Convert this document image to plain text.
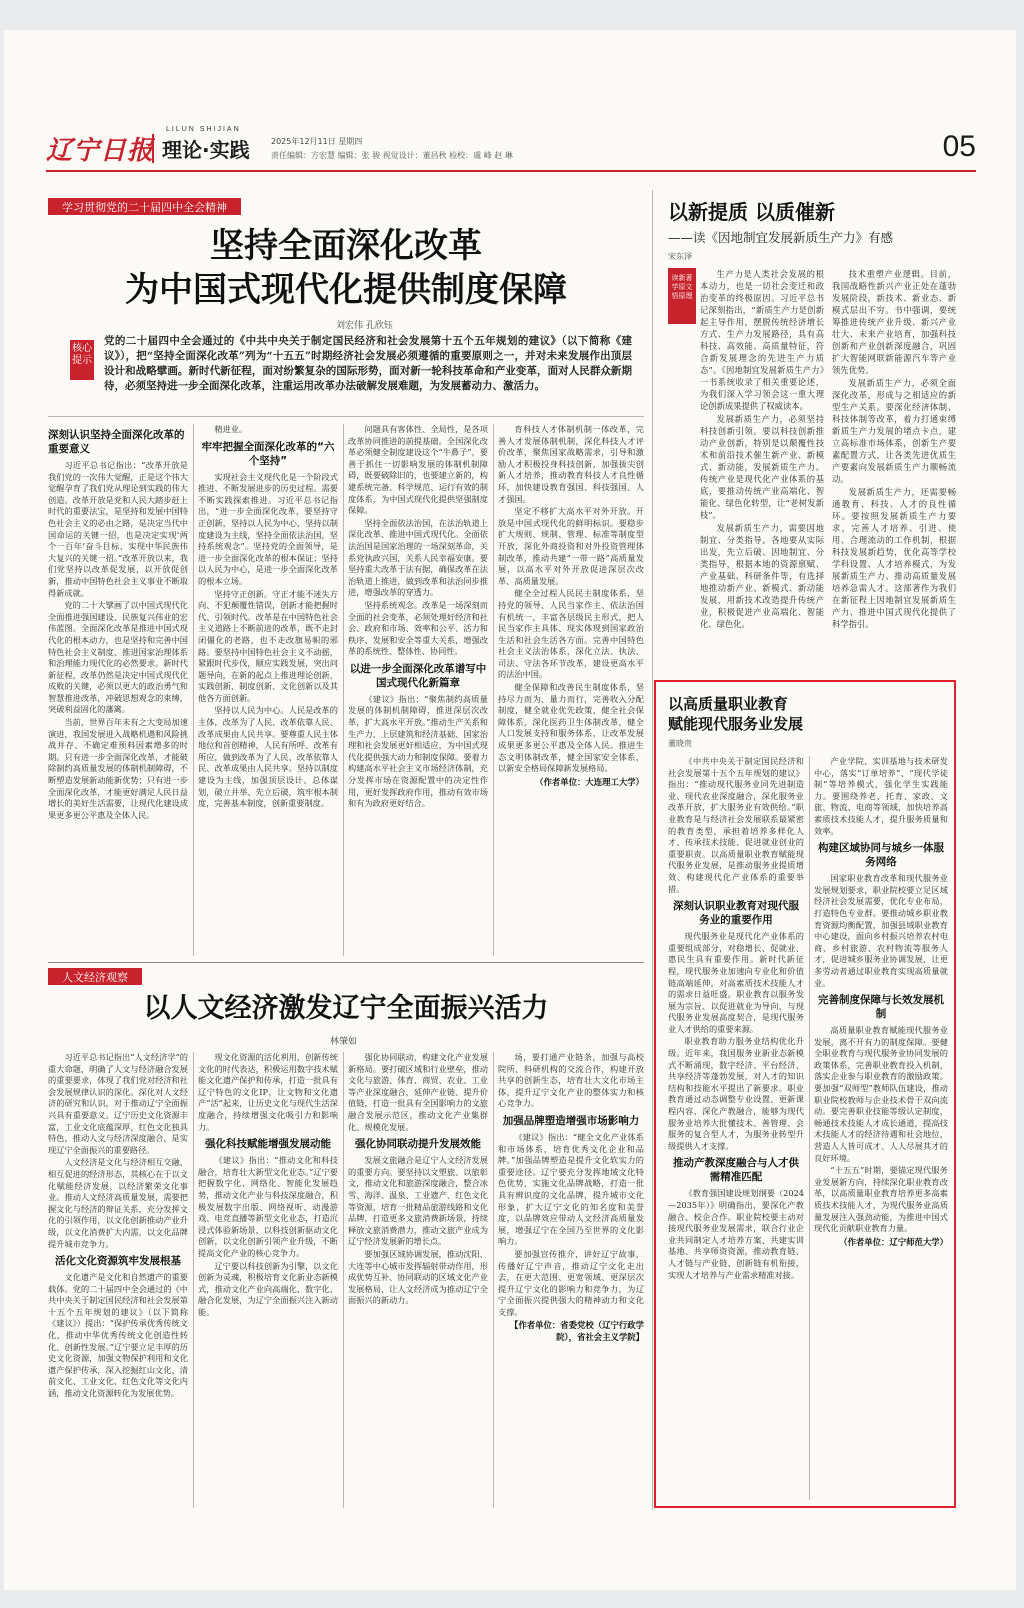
辽宁日报
LILUN SHIJIAN
理论·实践	2025年12月11日 星期四
责任编辑：方宏慧 编辑：张 骏 视觉设计：董昌秋 检校：虞 峰 赵 琳	05
学习贯彻党的二十届四中全会精神
坚持全面深化改革
为中国式现代化提供制度保障
刘宏伟 孔欣钰
核心提示
党的二十届四中全会通过的《中共中央关于制定国民经济和社会发展第十五个五年规划的建议》（以下简称《建议》），把“坚持全面深化改革”列为“十五五”时期经济社会发展必须遵循的重要原则之一，并对未来发展作出顶层设计和战略擘画。新时代新征程，面对纷繁复杂的国际形势，面对新一轮科技革命和产业变革，面对人民群众新期待，必须坚持进一步全面深化改革，注重运用改革办法破解发展难题，为发展蓄动力、激活力。
深刻认识坚持全面深化改革的重要意义

习近平总书记指出：“改革开放是我们党的一次伟大觉醒，正是这个伟大觉醒孕育了我们党从理论到实践的伟大创造。改革开放是党和人民大踏步赶上时代的重要法宝，是坚持和发展中国特色社会主义的必由之路，是决定当代中国命运的关键一招，也是决定实现‘两个一百年’奋斗目标、实现中华民族伟大复兴的关键一招。”改革开放以来，我们党坚持以改革促发展，以开放促创新，推动中国特色社会主义事业不断取得新成就。

党的二十大擘画了以中国式现代化全面推进强国建设、民族复兴伟业的宏伟蓝图。全面深化改革是推进中国式现代化的根本动力，也是坚持和完善中国特色社会主义制度、推进国家治理体系和治理能力现代化的必然要求。新时代新征程，改革仍然是决定中国式现代化成败的关键，必须以更大的政治勇气和智慧推进改革，冲破思想观念的束缚，突破利益固化的藩篱。

当前，世界百年未有之大变局加速演进，我国发展进入战略机遇和风险挑战并存、不确定难预料因素增多的时期。只有进一步全面深化改革，才能破除制约高质量发展的体制机制障碍，不断塑造发展新动能新优势；只有进一步全面深化改革，才能更好满足人民日益增长的美好生活需要，让现代化建设成果更多更公平惠及全体人民。

精进业。

牢牢把握全面深化改革的“六个坚持”

实现社会主义现代化是一个阶段式推进、不断发展进步的历史过程。需要不断实践探索推进。习近平总书记指出，“进一步全面深化改革，要坚持守正创新，坚持以人民为中心，坚持以制度建设为主线，坚持全面依法治国，坚持系统观念”。坚持党的全面领导，是进一步全面深化改革的根本保证；坚持以人民为中心，是进一步全面深化改革的根本立场。

坚持守正创新。守正才能不迷失方向、不犯颠覆性错误，创新才能把握时代、引领时代。改革是在中国特色社会主义道路上不断前进的改革，既不走封闭僵化的老路，也不走改旗易帜的邪路。要坚持中国特色社会主义不动摇，紧跟时代步伐，顺应实践发展，突出问题导向，在新的起点上推进理论创新、实践创新、制度创新、文化创新以及其他各方面创新。

坚持以人民为中心。人民是改革的主体，改革为了人民、改革依靠人民、改革成果由人民共享。要尊重人民主体地位和首创精神，人民有所呼、改革有所应，做到改革为了人民、改革依靠人民、改革成果由人民共享。坚持以制度建设为主线，加强顶层设计、总体谋划，破立并举、先立后破，筑牢根本制度，完善基本制度，创新重要制度。

问题具有客体性、全局性，是各项改革协同推进的前提基础。全国深化改革必须健全制度建设这个“牛鼻子”，要善于抓住一切影响发展的体制机制障碍，既要破除旧的，也要建立新的，构建系统完备、科学规范、运行有效的制度体系，为中国式现代化提供坚强制度保障。

坚持全面依法治国，在法治轨道上深化改革、推进中国式现代化。全面依法治国是国家治理的一场深刻革命，关系党执政兴国，关系人民幸福安康。要坚持重大改革于法有据，确保改革在法治轨道上推进，做到改革和法治同步推进，增强改革的穿透力。

坚持系统观念。改革是一场深刻而全面的社会变革，必须处理好经济和社会、政府和市场、效率和公平、活力和秩序、发展和安全等重大关系，增强改革的系统性、整体性、协同性。

以进一步全面深化改革谱写中国式现代化新篇章

《建议》指出：“聚焦制约高质量发展的体制机制障碍，推进深层次改革，扩大高水平开放。”推动生产关系和生产力、上层建筑和经济基础、国家治理和社会发展更好相适应，为中国式现代化提供强大动力和制度保障。要着力构建高水平社会主义市场经济体制，充分发挥市场在资源配置中的决定性作用，更好发挥政府作用，推动有效市场和有为政府更好结合。

育科技人才体制机制一体改革，完善人才发展体制机制，深化科技人才评价改革，聚焦国家战略需求，引导和激励人才积极投身科技创新，加强拔尖创新人才培养，推动教育科技人才良性循环，加快建设教育强国、科技强国、人才强国。

坚定不移扩大高水平对外开放。开放是中国式现代化的鲜明标识。要稳步扩大规则、规制、管理、标准等制度型开放，深化外商投资和对外投资管理体制改革，推动共建“一带一路”高质量发展，以高水平对外开放促进深层次改革、高质量发展。

健全全过程人民民主制度体系，坚持党的领导、人民当家作主、依法治国有机统一，丰富各层级民主形式，把人民当家作主具体、现实体现到国家政治生活和社会生活各方面。完善中国特色社会主义法治体系，深化立法、执法、司法、守法各环节改革，建设更高水平的法治中国。

健全保障和改善民生制度体系，坚持尽力而为、量力而行，完善收入分配制度，健全就业优先政策，健全社会保障体系，深化医药卫生体制改革，健全人口发展支持和服务体系，让改革发展成果更多更公平惠及全体人民。推进生态文明体制改革，健全国家安全体系，以新安全格局保障新发展格局。

（作者单位：大连理工大学）

以新提质 以质催新
——读《因地制宜发展新质生产力》有感
宋东泽
读新著学原文悟原理

生产力是人类社会发展的根本动力，也是一切社会变迁和政治变革的终极原因。习近平总书记深刻指出，“新质生产力是创新起主导作用，摆脱传统经济增长方式、生产力发展路径，具有高科技、高效能、高质量特征，符合新发展理念的先进生产力质态”。《因地制宜发展新质生产力》一书系统收录了相关重要论述，为我们深入学习领会这一重大理论创新成果提供了权威读本。

发展新质生产力，必须坚持科技创新引领。要以科技创新推动产业创新，特别是以颠覆性技术和前沿技术催生新产业、新模式、新动能，发展新质生产力。传统产业是现代化产业体系的基底，要推动传统产业高端化、智能化、绿色化转型，让“老树发新枝”。

发展新质生产力，需要因地制宜、分类指导。各地要从实际出发，先立后破、因地制宜、分类指导，根据本地的资源禀赋、产业基础、科研条件等，有选择地推动新产业、新模式、新动能发展，用新技术改造提升传统产业，积极促进产业高端化、智能化、绿色化。

技术重塑产业逻辑。目前，我国战略性新兴产业正处在蓬勃发展阶段，新技术、新业态、新模式层出不穷。书中强调，要统筹推进传统产业升级、新兴产业壮大、未来产业培育，加强科技创新和产业创新深度融合，巩固扩大智能网联新能源汽车等产业领先优势。

发展新质生产力，必须全面深化改革，形成与之相适应的新型生产关系。要深化经济体制、科技体制等改革，着力打通束缚新质生产力发展的堵点卡点，建立高标准市场体系，创新生产要素配置方式，让各类先进优质生产要素向发展新质生产力顺畅流动。

发展新质生产力，还需要畅通教育、科技、人才的良性循环。要按照发展新质生产力要求，完善人才培养、引进、使用、合理流动的工作机制，根据科技发展新趋势，优化高等学校学科设置、人才培养模式，为发展新质生产力、推动高质量发展培养急需人才。这部著作为我们在新征程上因地制宜发展新质生产力、推进中国式现代化提供了科学指引。

以高质量职业教育
赋能现代服务业发展
董晓贵

《中共中央关于制定国民经济和社会发展第十五个五年规划的建议》指出：“推动现代服务业同先进制造业、现代农业深度融合，深化服务业改革开放，扩大服务业有效供给。”职业教育是与经济社会发展联系最紧密的教育类型，承担着培养多样化人才、传承技术技能、促进就业创业的重要职责。以高质量职业教育赋能现代服务业发展，是推动服务业提质增效、构建现代化产业体系的重要举措。

深刻认识职业教育对现代服务业的重要作用

现代服务业是现代化产业体系的重要组成部分，对稳增长、促就业、惠民生具有重要作用。新时代新征程，现代服务业加速向专业化和价值链高端延伸，对高素质技术技能人才的需求日益旺盛。职业教育以服务发展为宗旨、以促进就业为导向，与现代服务业发展高度契合，是现代服务业人才供给的重要来源。

职业教育助力服务业结构优化升级。近年来，我国服务业新业态新模式不断涌现，数字经济、平台经济、共享经济等蓬勃发展，对人才的知识结构和技能水平提出了新要求。职业教育通过动态调整专业设置、更新课程内容、深化产教融合，能够为现代服务业培养大批懂技术、善管理、会服务的复合型人才，为服务业转型升级提供人才支撑。

推动产教深度融合与人才供需精准匹配

《教育强国建设规划纲要（2024—2035年）》明确指出，要深化产教融合、校企合作。职业院校要主动对接现代服务业发展需求，联合行业企业共同制定人才培养方案、共建实训基地、共享师资资源，推动教育链、人才链与产业链、创新链有机衔接，实现人才培养与产业需求精准对接。

产业学院、实训基地与技术研发中心，落实“订单培养”、“现代学徒制”等培养模式，强化学生实践能力。要围绕养老、托育、家政、文旅、物流、电商等领域，加快培养高素质技术技能人才，提升服务质量和效率。

构建区域协同与城乡一体服务网络

国家职业教育改革和现代服务业发展规划要求，职业院校要立足区域经济社会发展需要，优化专业布局，打造特色专业群。要推动城乡职业教育资源均衡配置，加强县域职业教育中心建设，面向乡村振兴培养农村电商、乡村旅游、农村物流等服务人才，促进城乡服务业协调发展，让更多劳动者通过职业教育实现高质量就业。

完善制度保障与长效发展机制

高质量职业教育赋能现代服务业发展，离不开有力的制度保障。要健全职业教育与现代服务业协同发展的政策体系，完善职业教育投入机制，落实企业参与职业教育的激励政策。要加强“双师型”教师队伍建设，推动职业院校教师与企业技术骨干双向流动。要完善职业技能等级认定制度，畅通技术技能人才成长通道，提高技术技能人才的经济待遇和社会地位，营造人人皆可成才、人人尽展其才的良好环境。

“十五五”时期，要锚定现代服务业发展新方向，持续深化职业教育改革，以高质量职业教育培养更多高素质技术技能人才，为现代服务业高质量发展注入强劲动能，为推进中国式现代化贡献职业教育力量。

（作者单位：辽宁师范大学）

人文经济观察
以人文经济激发辽宁全面振兴活力
林肇如

习近平总书记指出“人文经济学”的重大命题，明确了人文与经济融合发展的重要要求，体现了我们党对经济和社会发展规律认识的深化。深化对人文经济的研究和认识，对于推动辽宁全面振兴具有重要意义。辽宁历史文化资源丰富，工业文化底蕴深厚，红色文化独具特色，推动人文与经济深度融合，是实现辽宁全面振兴的重要路径。

人文经济是文化与经济相互交融、相互促进的经济形态，其核心在于以文化赋能经济发展，以经济繁荣文化事业。推动人文经济高质量发展，需要把握文化与经济的辩证关系，充分发挥文化的引领作用，以文化创新推动产业升级，以文化消费扩大内需，以文化品牌提升城市竞争力。

活化文化资源筑牢发展根基

文化遗产是文化和自然遗产的重要载体。党的二十届四中全会通过的《中共中央关于制定国民经济和社会发展第十五个五年规划的建议》（以下简称《建议》）提出：“保护传承优秀传统文化，推动中华优秀传统文化创造性转化、创新性发展。”辽宁要立足丰厚的历史文化资源，加强文物保护利用和文化遗产保护传承，深入挖掘红山文化、清前文化、工业文化、红色文化等文化内涵，推动文化资源转化为发展优势。

现文化资源的活化利用，创新传统文化的时代表达，积极运用数字技术赋能文化遗产保护和传承，打造一批具有辽宁特色的文化IP，让文物和文化遗产“活”起来，让历史文化与现代生活深度融合，持续增强文化吸引力和影响力。

强化科技赋能增强发展动能

《建议》指出：“推动文化和科技融合，培育壮大新型文化业态。”辽宁要把握数字化、网络化、智能化发展趋势，推动文化产业与科技深度融合，积极发展数字出版、网络视听、动漫游戏、电竞直播等新型文化业态，打造沉浸式体验新场景，以科技创新驱动文化创新，以文化创新引领产业升级，不断提高文化产业的核心竞争力。

辽宁要以科技创新为引擎，以文化创新为灵魂，积极培育文化新业态新模式，推动文化产业向高端化、数字化、融合化发展，为辽宁全面振兴注入新动能。

强化协同联动，构建文化产业发展新格局。要打破区域和行业壁垒，推动文化与旅游、体育、商贸、农业、工业等产业深度融合，延伸产业链、提升价值链，打造一批具有全国影响力的文旅融合发展示范区，推动文化产业集群化、规模化发展。

强化协同联动提升发展效能

发展文旅融合是辽宁人文经济发展的重要方向。要坚持以文塑旅、以旅彰文，推动文化和旅游深度融合，整合冰雪、海洋、温泉、工业遗产、红色文化等资源，培育一批精品旅游线路和文化品牌，打造更多文旅消费新场景，持续释放文旅消费潜力，推动文旅产业成为辽宁经济发展新的增长点。

要加强区域协调发展，推动沈阳、大连等中心城市发挥辐射带动作用，形成优势互补、协同联动的区域文化产业发展格局，让人文经济成为推动辽宁全面振兴的新动力。

场，要打通产业链条，加强与高校院所、科研机构的交流合作，构建开放共享的创新生态，培育壮大文化市场主体，提升辽宁文化产业的整体实力和核心竞争力。

加强品牌塑造增强市场影响力

《建议》指出：“健全文化产业体系和市场体系，培育优秀文化企业和品牌。”加强品牌塑造是提升文化软实力的重要途径。辽宁要充分发挥地域文化特色优势，实施文化品牌战略，打造一批具有辨识度的文化品牌，提升城市文化形象，扩大辽宁文化的知名度和美誉度，以品牌效应带动人文经济高质量发展，增强辽宁在全国乃至世界的文化影响力。

要加强宣传推介，讲好辽宁故事，传播好辽宁声音，推动辽宁文化走出去，在更大范围、更宽领域、更深层次提升辽宁文化的影响力和竞争力，为辽宁全面振兴提供强大的精神动力和文化支撑。

【作者单位：省委党校（辽宁行政学院），省社会主义学院】
